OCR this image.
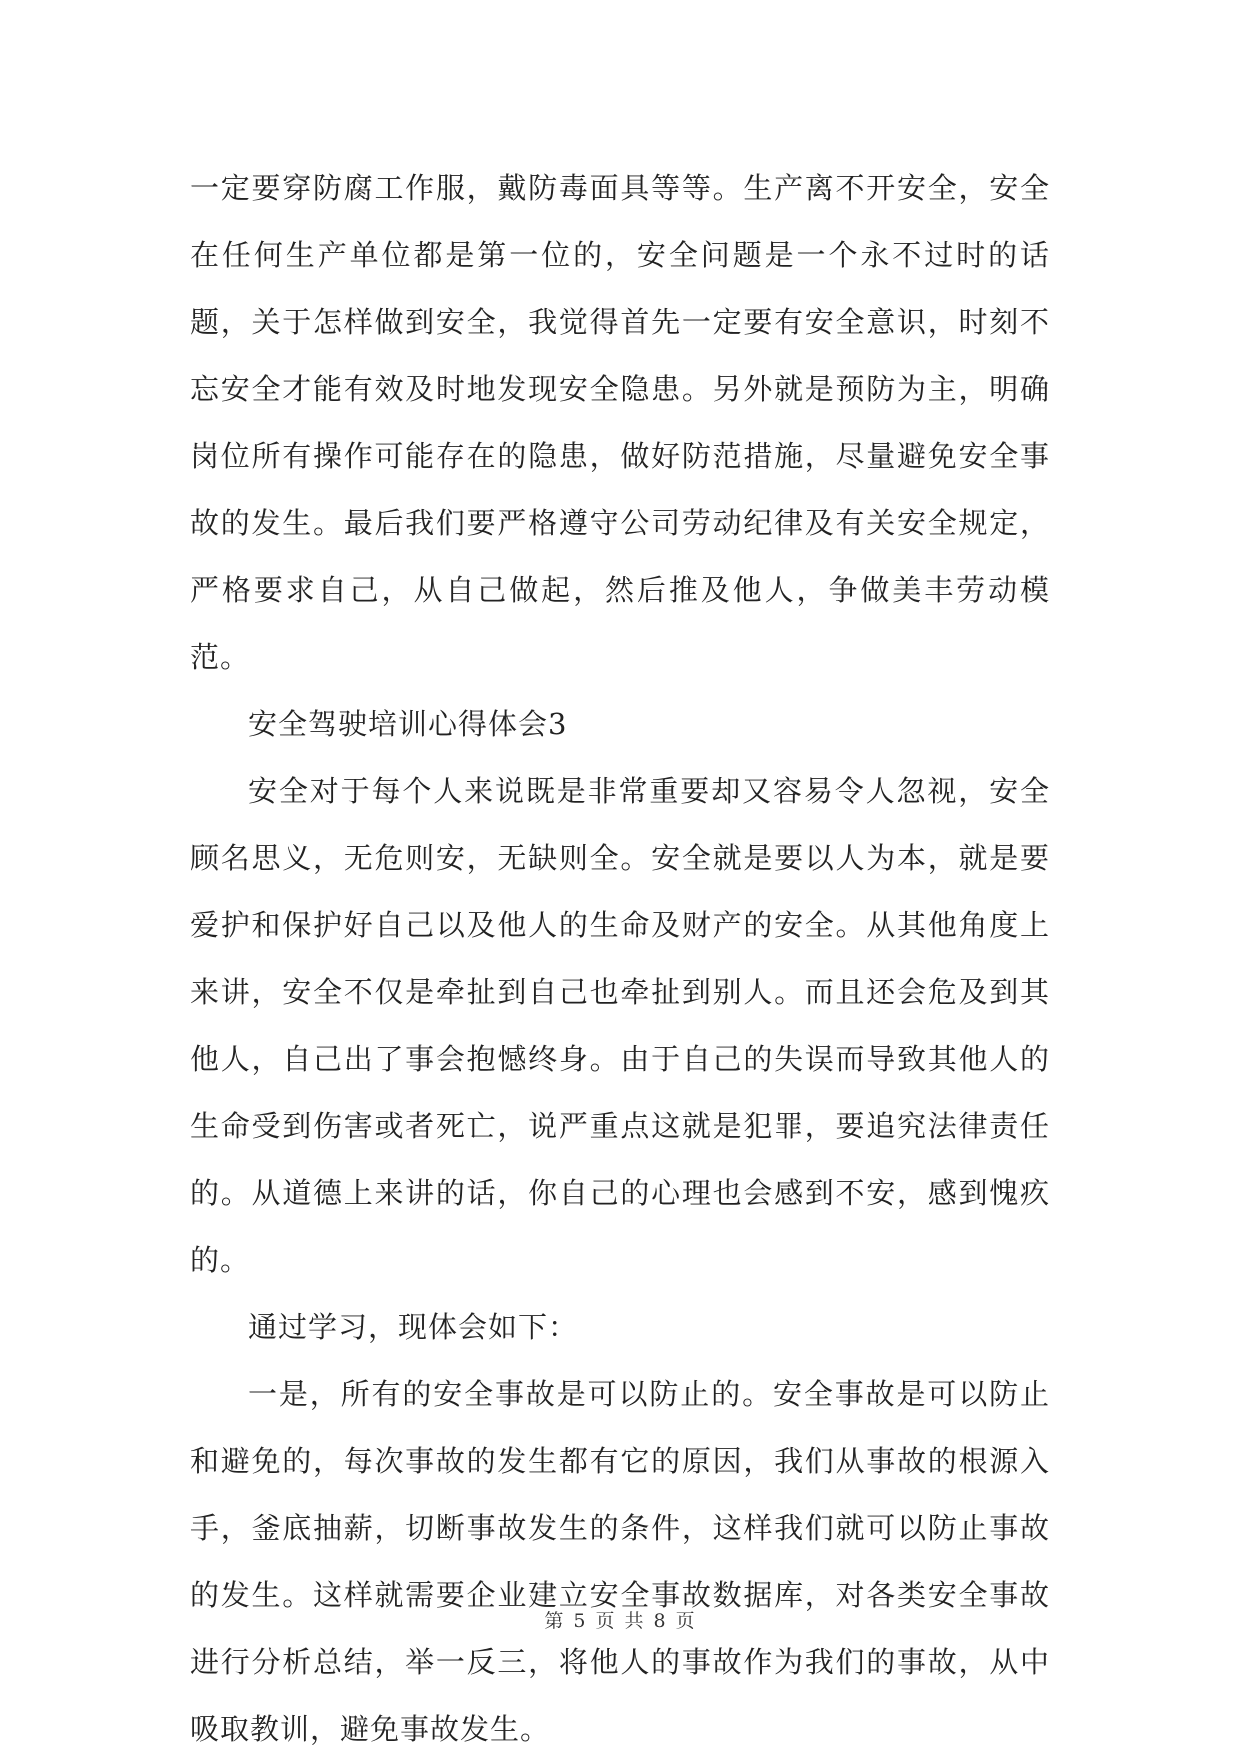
一定要穿防腐工作服，戴防毒面具等等。生产离不开安全，安全在任何生产单位都是第一位的，安全问题是一个永不过时的话题，关于怎样做到安全，我觉得首先一定要有安全意识，时刻不忘安全才能有效及时地发现安全隐患。另外就是预防为主，明确岗位所有操作可能存在的隐患，做好防范措施，尽量避免安全事故的发生。最后我们要严格遵守公司劳动纪律及有关安全规定，严格要求自己，从自己做起，然后推及他人，争做美丰劳动模范。

安全驾驶培训心得体会3

安全对于每个人来说既是非常重要却又容易令人忽视，安全顾名思义，无危则安，无缺则全。安全就是要以人为本，就是要爱护和保护好自己以及他人的生命及财产的安全。从其他角度上来讲，安全不仅是牵扯到自己也牵扯到别人。而且还会危及到其他人，自己出了事会抱憾终身。由于自己的失误而导致其他人的生命受到伤害或者死亡，说严重点这就是犯罪，要追究法律责任的。从道德上来讲的话，你自己的心理也会感到不安，感到愧疚的。

通过学习，现体会如下：

一是，所有的安全事故是可以防止的。安全事故是可以防止和避免的，每次事故的发生都有它的原因，我们从事故的根源入手，釜底抽薪，切断事故发生的条件，这样我们就可以防止事故的发生。这样就需要企业建立安全事故数据库，对各类安全事故进行分析总结，举一反三，将他人的事故作为我们的事故，从中吸取教训，避免事故发生。

第 5 页 共 8 页
